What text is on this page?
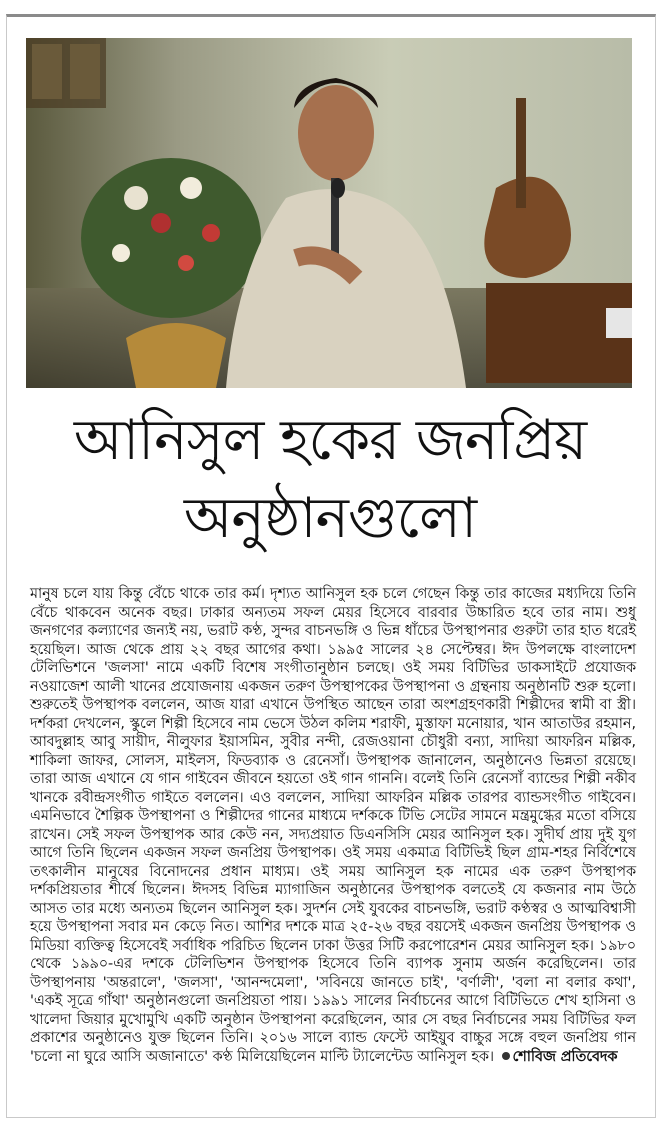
আনিসুল হকের জনপ্রিয়
অনুষ্ঠানগুলো
মানুষ চলে যায় কিন্তু বেঁচে থাকে তার কর্ম। দৃশ্যত আনিসুল হক চলে গেছেন কিন্তু তার কাজের মধ্যদিয়ে তিনি বেঁচে থাকবেন অনেক বছর। ঢাকার অন্যতম সফল মেয়র হিসেবে বারবার উচ্চারিত হবে তার নাম। শুধু জনগণের কল্যাণের জন্যই নয়, ভরাট কণ্ঠ, সুন্দর বাচনভঙ্গি ও ভিন্ন ধাঁচের উপস্থাপনার গুরুটা তার হাত ধরেই হয়েছিল। আজ থেকে প্রায় ২২ বছর আগের কথা। ১৯৯৫ সালের ২৪ সেপ্টেম্বর। ঈদ উপলক্ষে বাংলাদেশ টেলিভিশনে 'জলসা' নামে একটি বিশেষ সংগীতানুষ্ঠান চলছে। ওই সময় বিটিভির ডাকসাইটে প্রযোজক নওয়াজেশ আলী খানের প্রযোজনায় একজন তরুণ উপস্থাপকের উপস্থাপনা ও গ্রন্থনায় অনুষ্ঠানটি শুরু হলো। শুরুতেই উপস্থাপক বললেন, আজ যারা এখানে উপস্থিত আছেন তারা অংশগ্রহণকারী শিল্পীদের স্বামী বা স্ত্রী। দর্শকরা দেখলেন, স্কুলে শিল্পী হিসেবে নাম ভেসে উঠল কলিম শরাফী, মুস্তাফা মনোয়ার, খান আতাউর রহমান, আবদুল্লাহ আবু সায়ীদ, নীলুফার ইয়াসমিন, সুবীর নন্দী, রেজওয়ানা চৌধুরী বন্যা, সাদিয়া আফরিন মল্লিক, শাকিলা জাফর, সোলস, মাইলস, ফিডব্যাক ও রেনেসাঁ। উপস্থাপক জানালেন, অনুষ্ঠানেও ভিন্নতা রয়েছে। তারা আজ এখানে যে গান গাইবেন জীবনে হয়তো ওই গান গাননি। বলেই তিনি রেনেসাঁ ব্যান্ডের শিল্পী নকীব খানকে রবীন্দ্রসংগীত গাইতে বললেন। এও বললেন, সাদিয়া আফরিন মল্লিক তারপর ব্যান্ডসংগীত গাইবেন। এমনিভাবে শৈল্পিক উপস্থাপনা ও শিল্পীদের গানের মাধ্যমে দর্শককে টিভি সেটের সামনে মন্ত্রমুগ্ধের মতো বসিয়ে রাখেন। সেই সফল উপস্থাপক আর কেউ নন, সদ্যপ্রয়াত ডিএনসিসি মেয়র আনিসুল হক। সুদীর্ঘ প্রায় দুই যুগ আগে তিনি ছিলেন একজন সফল জনপ্রিয় উপস্থাপক। ওই সময় একমাত্র বিটিভিই ছিল গ্রাম-শহর নির্বিশেষে তৎকালীন মানুষের বিনোদনের প্রধান মাধ্যম। ওই সময় আনিসুল হক নামের এক তরুণ উপস্থাপক দর্শকপ্রিয়তার শীর্ষে ছিলেন। ঈদসহ বিভিন্ন ম্যাগাজিন অনুষ্ঠানের উপস্থাপক বলতেই যে কজনার নাম উঠে আসত তার মধ্যে অন্যতম ছিলেন আনিসুল হক। সুদর্শন সেই যুবকের বাচনভঙ্গি, ভরাট কণ্ঠস্বর ও আত্মবিশ্বাসী হয়ে উপস্থাপনা সবার মন কেড়ে নিত। আশির দশকে মাত্র ২৫-২৬ বছর বয়সেই একজন জনপ্রিয় উপস্থাপক ও মিডিয়া ব্যক্তিত্ব হিসেবেই সর্বাধিক পরিচিত ছিলেন ঢাকা উত্তর সিটি করপোরেশন মেয়র আনিসুল হক। ১৯৮০ থেকে ১৯৯০-এর দশকে টেলিভিশন উপস্থাপক হিসেবে তিনি ব্যাপক সুনাম অর্জন করেছিলেন। তার উপস্থাপনায় 'অন্তরালে', 'জলসা', 'আনন্দমেলা', 'সবিনয়ে জানতে চাই', 'বর্ণালী', 'বলা না বলার কথা', 'একই সূত্রে গাঁথা' অনুষ্ঠানগুলো জনপ্রিয়তা পায়। ১৯৯১ সালের নির্বাচনের আগে বিটিভিতে শেখ হাসিনা ও খালেদা জিয়ার মুখোমুখি একটি অনুষ্ঠান উপস্থাপনা করেছিলেন, আর সে বছর নির্বাচনের সময় বিটিভির ফল প্রকাশের অনুষ্ঠানেও যুক্ত ছিলেন তিনি। ২০১৬ সালে ব্যান্ড ফেস্টে আইয়ুব বাচ্চুর সঙ্গে বহুল জনপ্রিয় গান 'চলো না ঘুরে আসি অজানাতে' কণ্ঠ মিলিয়েছিলেন মাল্টি ট্যালেন্টেড আনিসুল হক। শোবিজ প্রতিবেদক
